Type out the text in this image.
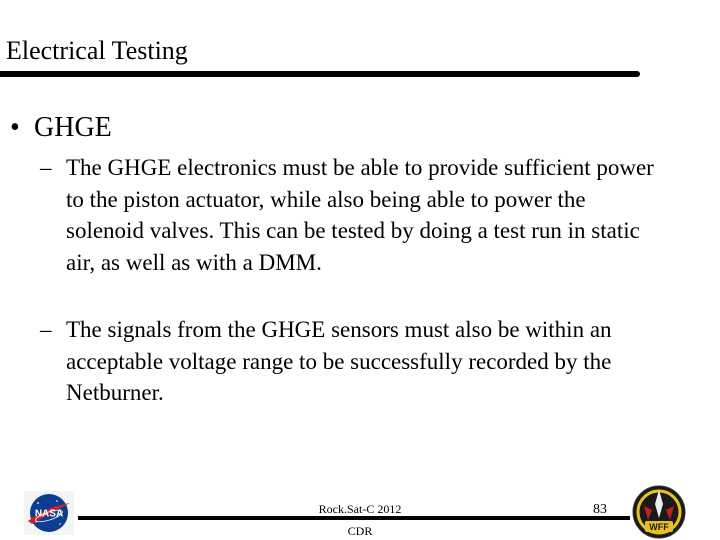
Electrical Testing
• GHGE
– The GHGE electronics must be able to provide sufficient power to the piston actuator, while also being able to power the solenoid valves. This can be tested by doing a test run in static air, as well as with a DMM.
– The signals from the GHGE sensors must also be within an acceptable voltage range to be successfully recorded by the Netburner.
NASA	Rock.Sat-C 2012
CDR
83
WFF
